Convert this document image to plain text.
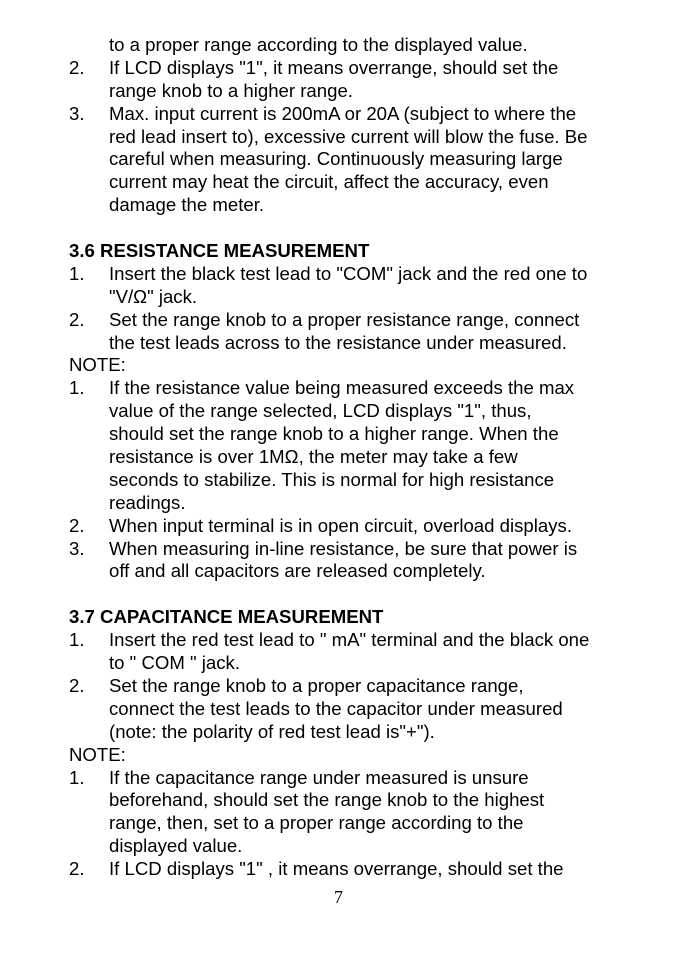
to a proper range according to the displayed value.
2.	If LCD displays "1", it means overrange, should set the
range knob to a higher range.
3.	Max. input current is 200mA or 20A (subject to where the
red lead insert to), excessive current will blow the fuse. Be
careful when measuring. Continuously measuring large
current may heat the circuit, affect the accuracy, even
damage the meter.
3.6 RESISTANCE MEASUREMENT
1.	Insert the black test lead to "COM" jack and the red one to
"V/Ω" jack.
2.	Set the range knob to a proper resistance range, connect
the test leads across to the resistance under measured.
NOTE:
1.	If the resistance value being measured exceeds the max
value of the range selected, LCD displays "1", thus,
should set the range knob to a higher range. When the
resistance is over 1MΩ, the meter may take a few
seconds to stabilize. This is normal for high resistance
readings.
2.	When input terminal is in open circuit, overload displays.
3.	When measuring in-line resistance, be sure that power is
off and all capacitors are released completely.
3.7 CAPACITANCE MEASUREMENT
1.	Insert the red test lead to " mA" terminal and the black one
to " COM " jack.
2.	Set the range knob to a proper capacitance range,
connect the test leads to the capacitor under measured
(note: the polarity of red test lead is"+").
NOTE:
1.	If the capacitance range under measured is unsure
beforehand, should set the range knob to the highest
range, then, set to a proper range according to the
displayed value.
2.	If LCD displays "1" , it means overrange, should set the
7
